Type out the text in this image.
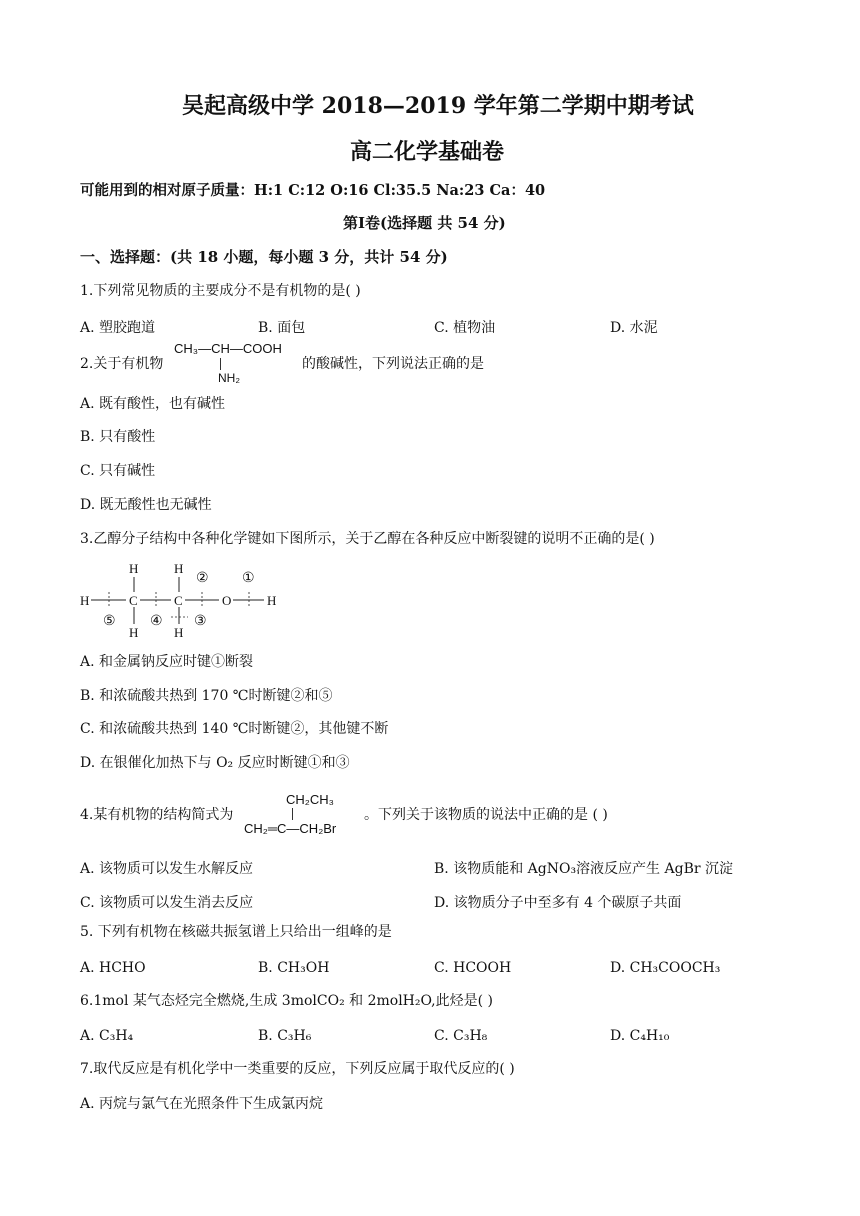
吴起高级中学 2018—2019 学年第二学期中期考试
高二化学基础卷
可能用到的相对原子质量：H:1 C:12 O:16 Cl:35.5 Na:23 Ca：40
第Ⅰ卷(选择题 共 54 分)
一、选择题：(共 18 小题，每小题 3 分，共计 54 分)
1.下列常见物质的主要成分不是有机物的是( )
A. 塑胶跑道	B. 面包	C. 植物油	D. 水泥
2.关于有机物
CH₃—CH—COOH
NH₂
的酸碱性，下列说法正确的是
A. 既有酸性，也有碱性
B. 只有酸性
C. 只有碱性
D. 既无酸性也无碱性
3.乙醇分子结构中各种化学键如下图所示，关于乙醇在各种反应中断裂键的说明不正确的是( )
H	H
H	C	C	O	H
H	H
② ①
⑤ ④ ③
A. 和金属钠反应时键①断裂
B. 和浓硫酸共热到 170 ℃时断键②和⑤
C. 和浓硫酸共热到 140 ℃时断键②，其他键不断
D. 在银催化加热下与 O₂ 反应时断键①和③
4.某有机物的结构简式为
CH₂CH₃
CH₂═C—CH₂Br
。下列关于该物质的说法中正确的是 ( )
A. 该物质可以发生水解反应	B. 该物质能和 AgNO₃溶液反应产生 AgBr 沉淀
C. 该物质可以发生消去反应	D. 该物质分子中至多有 4 个碳原子共面
5. 下列有机物在核磁共振氢谱上只给出一组峰的是
A. HCHO	B. CH₃OH	C. HCOOH	D. CH₃COOCH₃
6.1mol 某气态烃完全燃烧,生成 3molCO₂ 和 2molH₂O,此烃是( )
A. C₃H₄	B. C₃H₆	C. C₃H₈	D. C₄H₁₀
7.取代反应是有机化学中一类重要的反应，下列反应属于取代反应的( )
A. 丙烷与氯气在光照条件下生成氯丙烷
